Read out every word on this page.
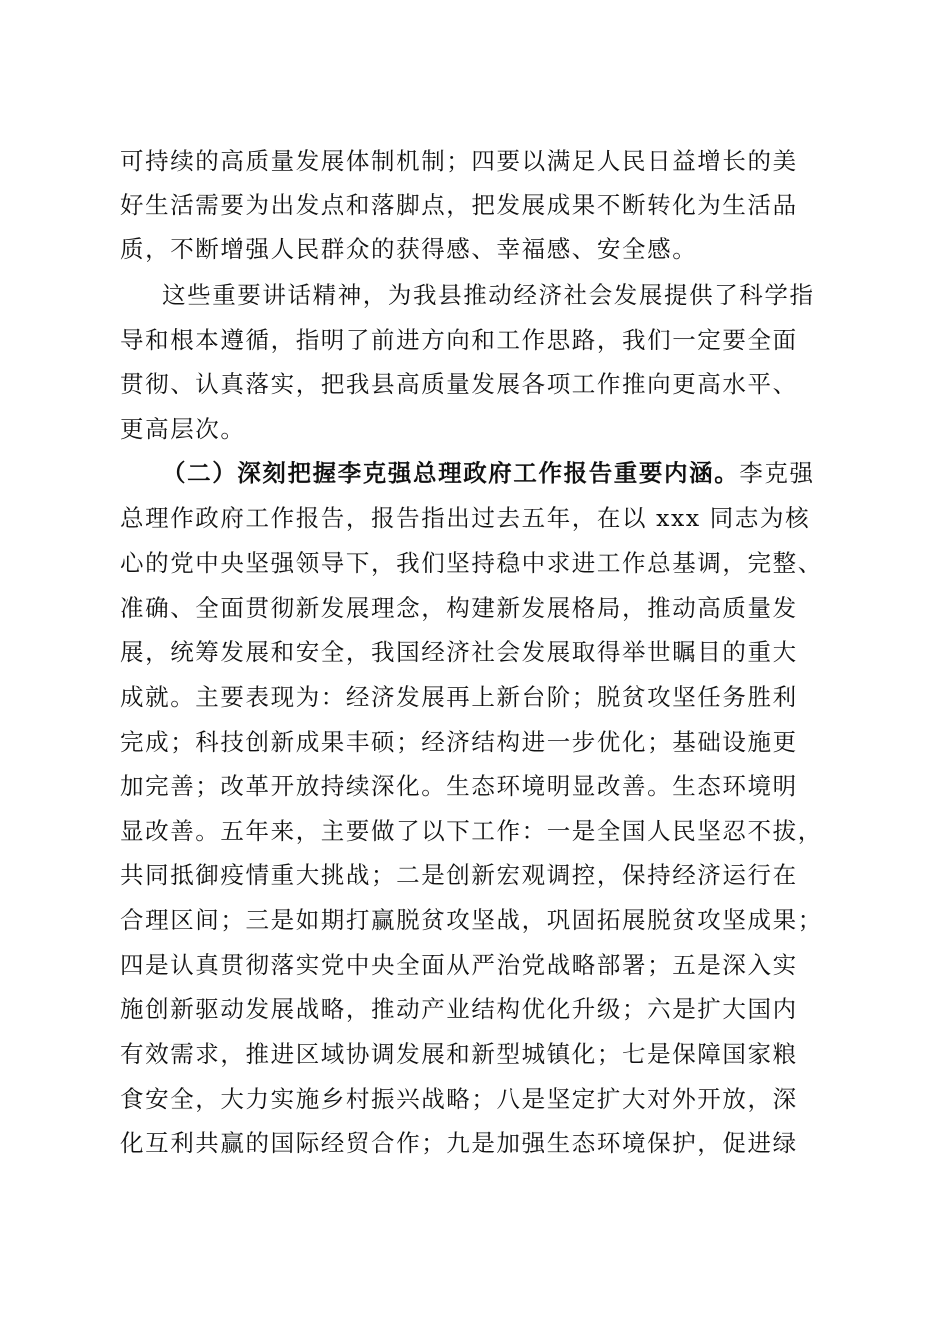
可持续的高质量发展体制机制；四要以满足人民日益增长的美
好生活需要为出发点和落脚点，把发展成果不断转化为生活品
质，不断增强人民群众的获得感、幸福感、安全感。
这些重要讲话精神，为我县推动经济社会发展提供了科学指
导和根本遵循，指明了前进方向和工作思路，我们一定要全面
贯彻、认真落实，把我县高质量发展各项工作推向更高水平、
更高层次。
（二）深刻把握李克强总理政府工作报告重要内涵。李克强
总理作政府工作报告，报告指出过去五年，在以 xxx 同志为核
心的党中央坚强领导下，我们坚持稳中求进工作总基调，完整、
准确、全面贯彻新发展理念，构建新发展格局，推动高质量发
展，统筹发展和安全，我国经济社会发展取得举世瞩目的重大
成就。主要表现为：经济发展再上新台阶；脱贫攻坚任务胜利
完成；科技创新成果丰硕；经济结构进一步优化；基础设施更
加完善；改革开放持续深化。生态环境明显改善。生态环境明
显改善。五年来，主要做了以下工作：一是全国人民坚忍不拔，
共同抵御疫情重大挑战；二是创新宏观调控，保持经济运行在
合理区间；三是如期打赢脱贫攻坚战，巩固拓展脱贫攻坚成果；
四是认真贯彻落实党中央全面从严治党战略部署；五是深入实
施创新驱动发展战略，推动产业结构优化升级；六是扩大国内
有效需求，推进区域协调发展和新型城镇化；七是保障国家粮
食安全，大力实施乡村振兴战略；八是坚定扩大对外开放，深
化互利共赢的国际经贸合作；九是加强生态环境保护，促进绿
